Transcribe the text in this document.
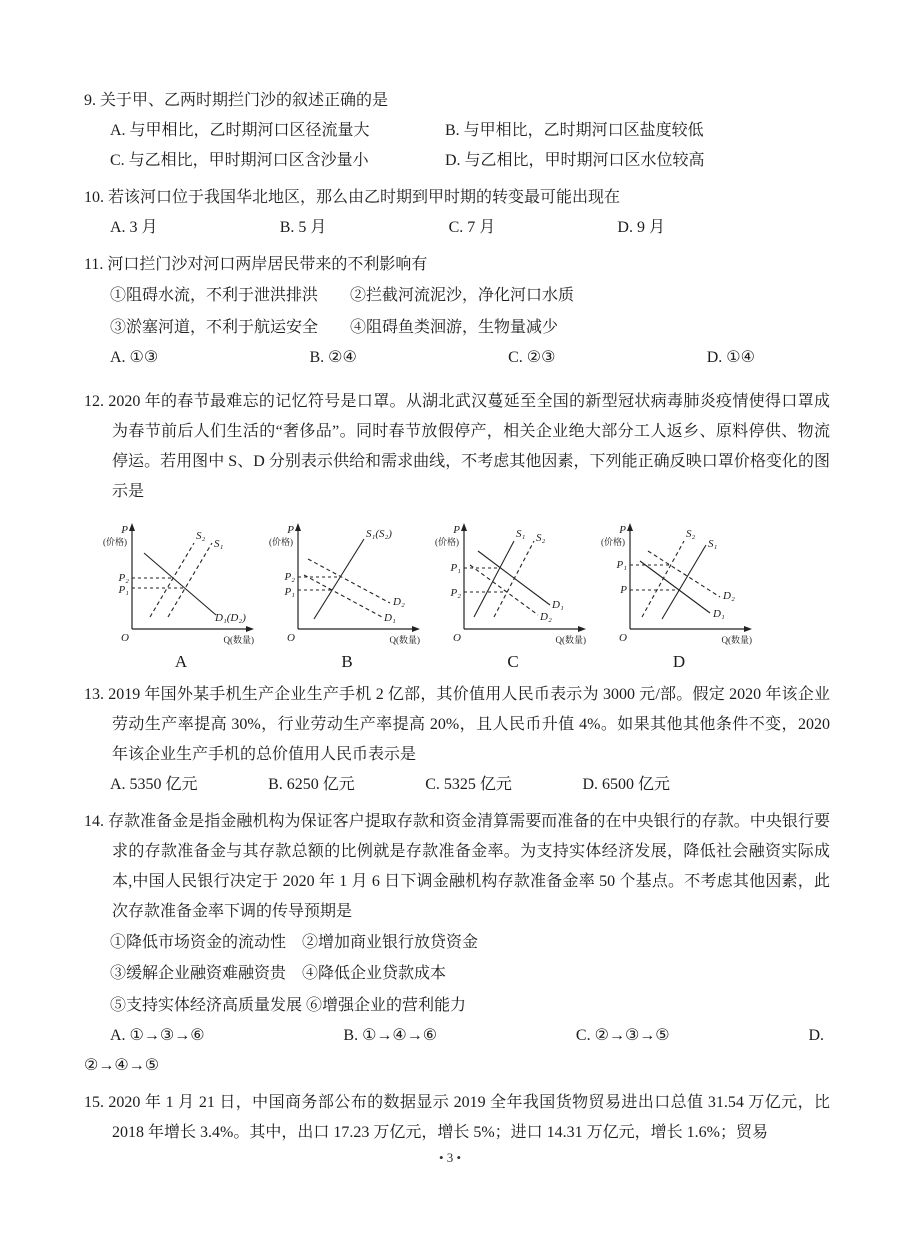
9. 关于甲、乙两时期拦门沙的叙述正确的是

A. 与甲相比，乙时期河口区径流量大	B. 与甲相比，乙时期河口区盐度较低
C. 与乙相比，甲时期河口区含沙量小	D. 与乙相比，甲时期河口区水位较高

10. 若该河口位于我国华北地区，那么由乙时期到甲时期的转变最可能出现在

A. 3 月	B. 5 月	C. 7 月	D. 9 月

11. 河口拦门沙对河口两岸居民带来的不利影响有

①阻碍水流，不利于泄洪排洪　　②拦截河流泥沙，净化河口水质
③淤塞河道，不利于航运安全　　④阻碍鱼类洄游，生物量减少
A. ①③	B. ②④	C. ②③	D. ①④

12. 2020 年的春节最难忘的记忆符号是口罩。从湖北武汉蔓延至全国的新型冠状病毒肺炎疫情使得口罩成为春节前后人们生活的“奢侈品”。同时春节放假停产，相关企业绝大部分工人返乡、原料停供、物流停运。若用图中 S、D 分别表示供给和需求曲线，不考虑其他因素，下列能正确反映口罩价格变化的图示是

P
(价格)
O	Q(数量)
S₂
S₁
D₁(D₂)
P₂
P₁
A
P
(价格)
O	Q(数量)
S₁(S₂)
D₂
D₁
P₂
P₁
B
P
(价格)
O	Q(数量)
S₁ S₂
D₁
D₂
P₁
P₂
C
P
(价格)
O	Q(数量)
S₂
S₁
D₂
D₁
P₁
P
D

13. 2019 年国外某手机生产企业生产手机 2 亿部，其价值用人民币表示为 3000 元/部。假定 2020 年该企业劳动生产率提高 30%，行业劳动生产率提高 20%，且人民币升值 4%。如果其他其他条件不变，2020 年该企业生产手机的总价值用人民币表示是

A. 5350 亿元	B. 6250 亿元	C. 5325 亿元	D. 6500 亿元

14. 存款准备金是指金融机构为保证客户提取存款和资金清算需要而准备的在中央银行的存款。中央银行要求的存款准备金与其存款总额的比例就是存款准备金率。为支持实体经济发展，降低社会融资实际成本,中国人民银行决定于 2020 年 1 月 6 日下调金融机构存款准备金率 50 个基点。不考虑其他因素，此次存款准备金率下调的传导预期是

①降低市场资金的流动性　②增加商业银行放贷资金
③缓解企业融资难融资贵　④降低企业贷款成本
⑤支持实体经济高质量发展 ⑥增强企业的营利能力
A. ①→③→⑥	B. ①→④→⑥	C. ②→③→⑤	D.
②→④→⑤

15. 2020 年 1 月 21 日，中国商务部公布的数据显示 2019 全年我国货物贸易进出口总值 31.54 万亿元，比 2018 年增长 3.4%。其中，出口 17.23 万亿元，增长 5%；进口 14.31 万亿元，增长 1.6%；贸易

• 3 •
